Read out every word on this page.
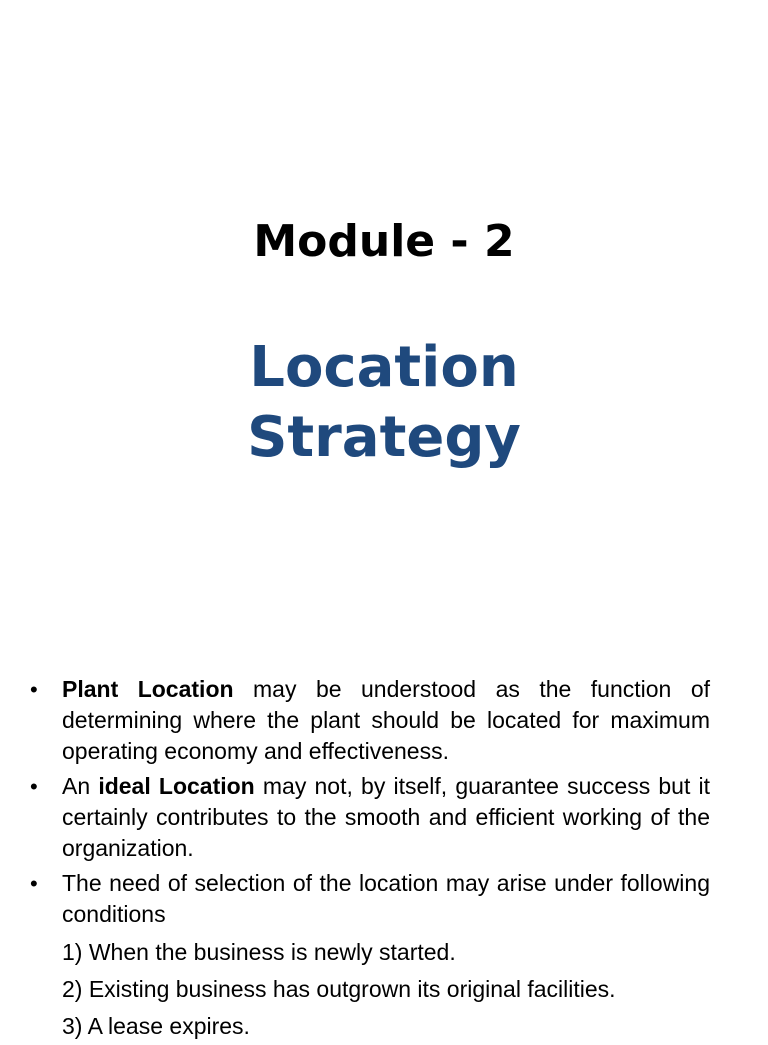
Module - 2
Location
Strategy
• Plant Location may be understood as the function of determining where the plant should be located for maximum operating economy and effectiveness.
• An ideal Location may not, by itself, guarantee success but it certainly contributes to the smooth and efficient working of the organization.
• The need of selection of the location may arise under following conditions
1) When the business is newly started.
2) Existing business has outgrown its original facilities.
3) A lease expires.
